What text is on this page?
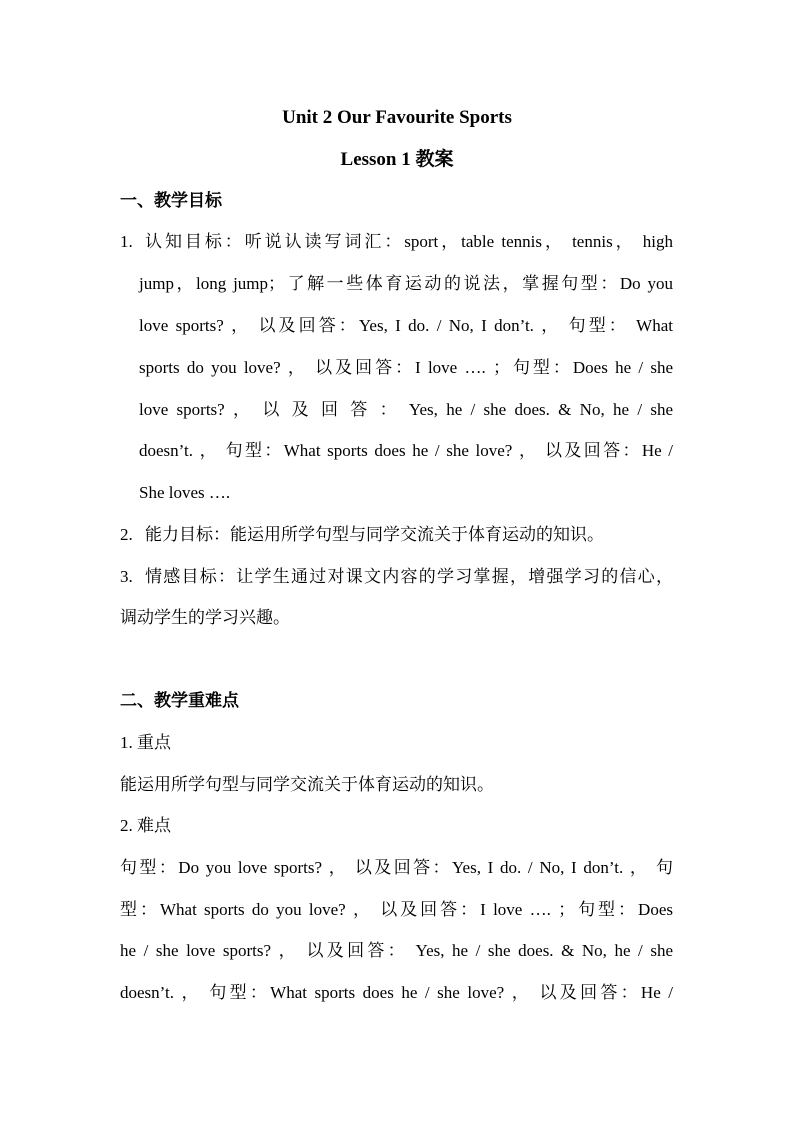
Unit 2 Our Favourite Sports
Lesson 1 教案
一、教学目标
1. 认知目标：听说认读写词汇：sport，table tennis， tennis， high
jump，long jump；了解一些体育运动的说法，掌握句型：Do you
love sports? ， 以及回答：Yes, I do. / No, I don’t. ， 句型： What
sports do you love? ， 以及回答：I love …. ；句型：Does he / she
love sports? ， 以 及 回 答 ： Yes, he / she does. & No, he / she
doesn’t. ， 句型：What sports does he / she love? ， 以及回答：He /
She loves ….
2. 能力目标：能运用所学句型与同学交流关于体育运动的知识。
3. 情感目标：让学生通过对课文内容的学习掌握，增强学习的信心，
调动学生的学习兴趣。
二、教学重难点
1. 重点
能运用所学句型与同学交流关于体育运动的知识。
2. 难点
句型：Do you love sports? ， 以及回答：Yes, I do. / No, I don’t. ， 句
型：What sports do you love? ， 以及回答：I love …. ；句型：Does
he / she love sports? ， 以及回答： Yes, he / she does. & No, he / she
doesn’t. ， 句型：What sports does he / she love? ， 以及回答：He /
